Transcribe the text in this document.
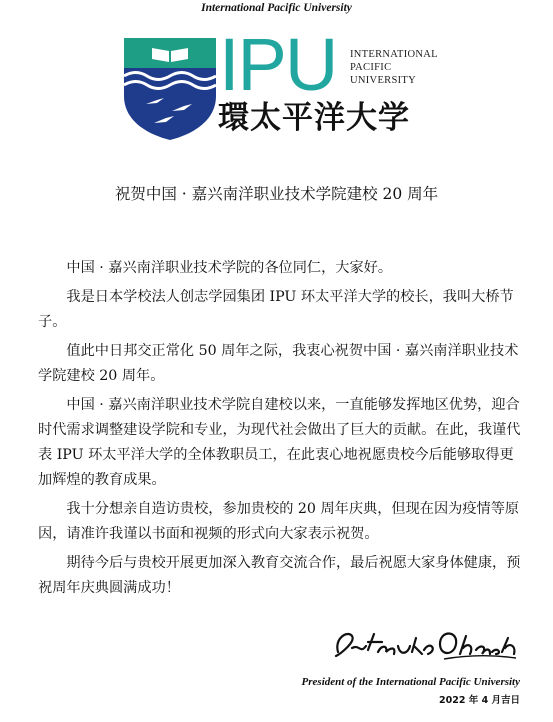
International Pacific University
IPU INTERNATIONAL
PACIFIC
UNIVERSITY
環太平洋大学
祝贺中国 · 嘉兴南洋职业技术学院建校 20 周年

中国 · 嘉兴南洋职业技术学院的各位同仁，大家好。

我是日本学校法人创志学园集团 IPU 环太平洋大学的校长，我叫大桥节子。

值此中日邦交正常化 50 周年之际，我衷心祝贺中国 · 嘉兴南洋职业技术学院建校 20 周年。

中国 · 嘉兴南洋职业技术学院自建校以来，一直能够发挥地区优势，迎合时代需求调整建设学院和专业，为现代社会做出了巨大的贡献。在此，我谨代表 IPU 环太平洋大学的全体教职员工，在此衷心地祝愿贵校今后能够取得更加辉煌的教育成果。

我十分想亲自造访贵校，参加贵校的 20 周年庆典，但现在因为疫情等原因，请准许我谨以书面和视频的形式向大家表示祝贺。

期待今后与贵校开展更加深入教育交流合作，最后祝愿大家身体健康，预祝周年庆典圆满成功！

President of the International Pacific University
2022 年 4 月吉日
